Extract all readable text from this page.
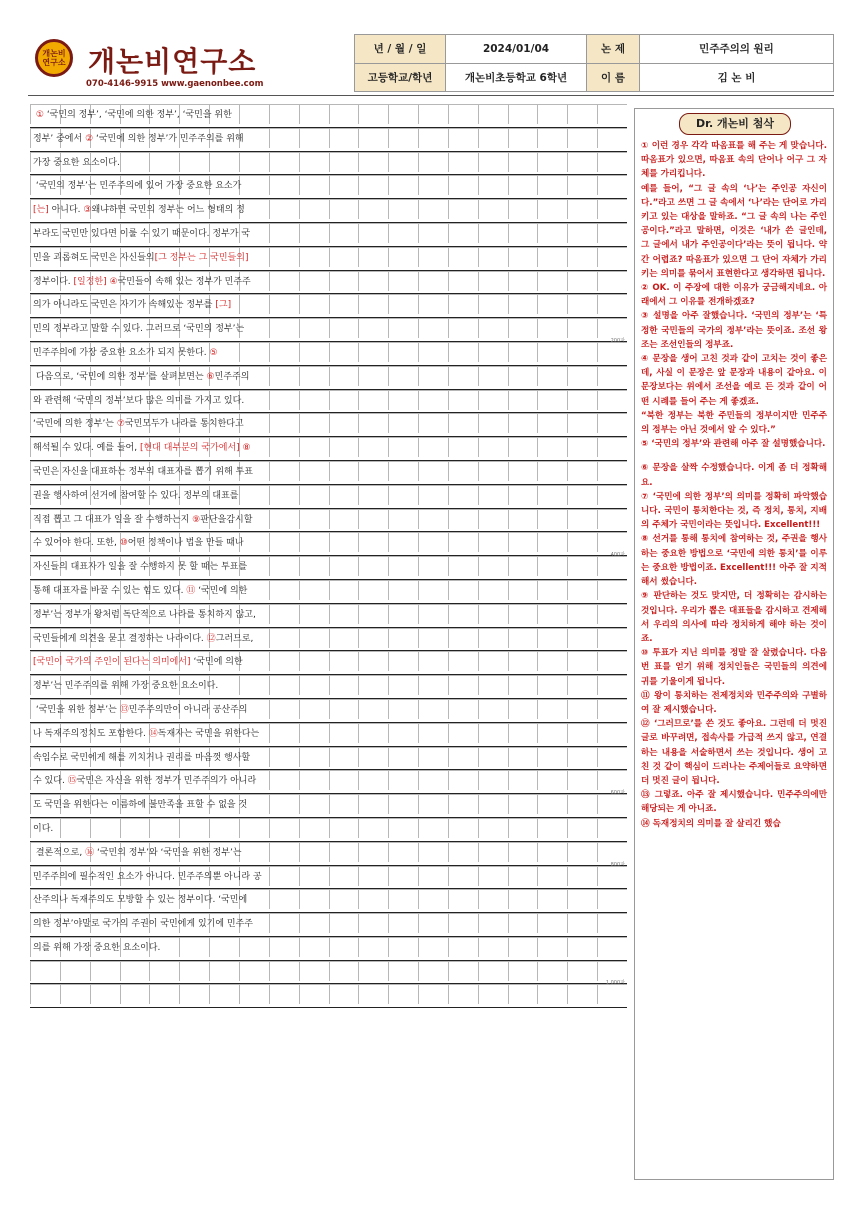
개논비 연구소 개논비연구소
070-4146-9915 www.gaenonbee.com
년 / 월 / 일	2024/01/04	논 제	민주주의의 원리
고등학교/학년	개논비초등학교 6학년	이 름	김 논 비
① ‘국민의 정부’, ‘국민에 의한 정부’, ‘국민을 위한
정부’ 중에서 ② ‘국민에 의한 정부’가 민주주의를 위해
가장 중요한 요소이다.
‘국민의 정부’는 민주주의에 있어 가장 중요한 요소가
[는] 아니다. ③왜냐하면 국민의 정부는 어느 형태의 정
부라도 국민만 있다면 이룰 수 있기 때문이다. 정부가 국
민을 괴롭혀도 국민은 자신들의[그 정부는 그 국민들의]
정부이다. [일정한] ④국민들이 속해 있는 정부가 민주주
의가 아니라도 국민은 자기가 속해있는 정부를 [그]
민의 정부라고 말할 수 있다. 그러므로 ‘국민의 정부’는
민주주의에 가장 중요한 요소가 되지 못한다. ⑤
200자
다음으로, ‘국민에 의한 정부’를 살펴보면는 ⑥민주주의
와 관련해 ‘국민의 정부’보다 많은 의미를 가지고 있다.
‘국민에 의한 정부’는 ⑦국민모두가 나라를 통치한다고
해석될 수 있다. 예를 들어, [현대 대부분의 국가에서] ⑧
국민은 자신을 대표하는 정부의 대표자를 뽑기 위해 투표
권을 행사하여 선거에 참여할 수 있다. 정부의 대표를
직접 뽑고 그 대표가 일을 잘 수행하는지 ⑨판단을감시할
수 있어야 한다. 또한, ⑩어떤 정책이나 법을 만들 때나
자신들의 대표자가 일을 잘 수행하지 못 할 때는 투표를
400자
통해 대표자를 바꿀 수 있는 힘도 있다. ⑪ ‘국민에 의한
정부’는 정부가 왕처럼 독단적으로 나라를 통치하지 않고,
국민들에게 의견을 묻고 결정하는 나라이다. ⑫그러므로,
[국민이 국가의 주인이 된다는 의미에서] ‘국민에 의한
정부’는 민주주의를 위해 가장 중요한 요소이다.
‘국민을 위한 정부’는 ⑬민주주의만이 아니라 공산주의
나 독재주의정치도 포함한다. ⑭독재자는 국민을 위한다는
속임수로 국민에게 해를 끼치거나 권리를 마음껏 행사할
수 있다. ⑮국민은 자신을 위한 정부가 민주주의가 아니라
도 국민을 위한다는 이름하에 불만족을 표할 수 없을 것
600자
이다.
결론적으로, ⑯ ‘국민의 정부’와 ‘국민을 위한 정부’는
민주주의에 필수적인 요소가 아니다. 민주주의뿐 아니라 공
800자
산주의나 독재주의도 모방할 수 있는 정부이다. ‘국민에
의한 정부’야말로 국가의 주권이 국민에게 있기에 민주주
의를 위해 가장 중요한 요소이다.
1,000자
Dr. 개논비 첨삭

① 이런 경우 각각 따옴표를 해 주는 게 맞습니다. 따옴표가 있으면, 따옴표 속의 단어나 어구 그 자체를 가리킵니다.

예를 들어, “그 글 속의 ‘나’는 주인공 자신이다.”라고 쓰면 그 글 속에서 ‘나’라는 단어로 가리키고 있는 대상을 말하죠. “그 글 속의 나는 주인공이다.”라고 말하면, 이것은 ‘내가 쓴 글인데, 그 글에서 내가 주인공이다’라는 뜻이 됩니다. 약간 어렵죠? 따옴표가 있으면 그 단어 자체가 가리키는 의미를 묶어서 표현한다고 생각하면 됩니다.

② OK. 이 주장에 대한 이유가 궁금해지네요. 아래에서 그 이유를 전개하겠죠?

③ 설명을 아주 잘했습니다. ‘국민의 정부’는 ‘특정한 국민들의 국가의 정부’라는 뜻이죠. 조선 왕조는 조선인들의 정부죠.

④ 문장을 생어 고친 것과 같이 고치는 것이 좋은데, 사실 이 문장은 앞 문장과 내용이 같아요. 이 문장보다는 위에서 조선을 예로 든 것과 같이 어떤 시례를 들어 주는 게 좋겠죠.

“북한 정부는 북한 주민들의 정부이지만 민주주의 정부는 아닌 것에서 알 수 있다.”

⑤ ‘국민의 정부’와 관련해 아주 잘 설명했습니다.

⑥ 문장을 살짝 수정했습니다. 이게 좀 더 정확해요.

⑦ ‘국민에 의한 정부’의 의미를 정확히 파악했습니다. 국민이 통치한다는 것, 즉 정치, 통치, 지배의 주체가 국민이라는 뜻입니다. Excellent!!!

⑧ 선거를 통해 통치에 참여하는 것, 주권을 행사하는 중요한 방법으로 ‘국민에 의한 통치’를 이루는 중요한 방법이죠. Excellent!!! 아주 잘 지적해서 썼습니다.

⑨ 판단하는 것도 맞지만, 더 정확히는 감시하는 것입니다. 우리가 뽑은 대표들을 감시하고 견제해서 우리의 의사에 따라 정치하게 해야 하는 것이죠.

⑩ 투표가 지닌 의미를 정말 잘 살렸습니다. 다음 번 표를 얻기 위해 정치인들은 국민들의 의견에 귀를 기울이게 됩니다.

⑪ 왕이 통치하는 전제정치와 민주주의와 구별하여 잘 제시했습니다.

⑫ ‘그러므로’를 쓴 것도 좋아요. 그런데 더 멋진 글로 바꾸려면, 접속사를 가급적 쓰지 않고, 연결하는 내용을 서술하면서 쓰는 것입니다. 생어 고친 것 같이 핵심이 드러나는 주제어들로 요약하면 더 멋진 글이 됩니다.

⑬ 그렇죠. 아주 잘 제시했습니다. 민주주의에만 해당되는 게 아니죠.

⑭ 독재정치의 의미를 잘 살리긴 했습
